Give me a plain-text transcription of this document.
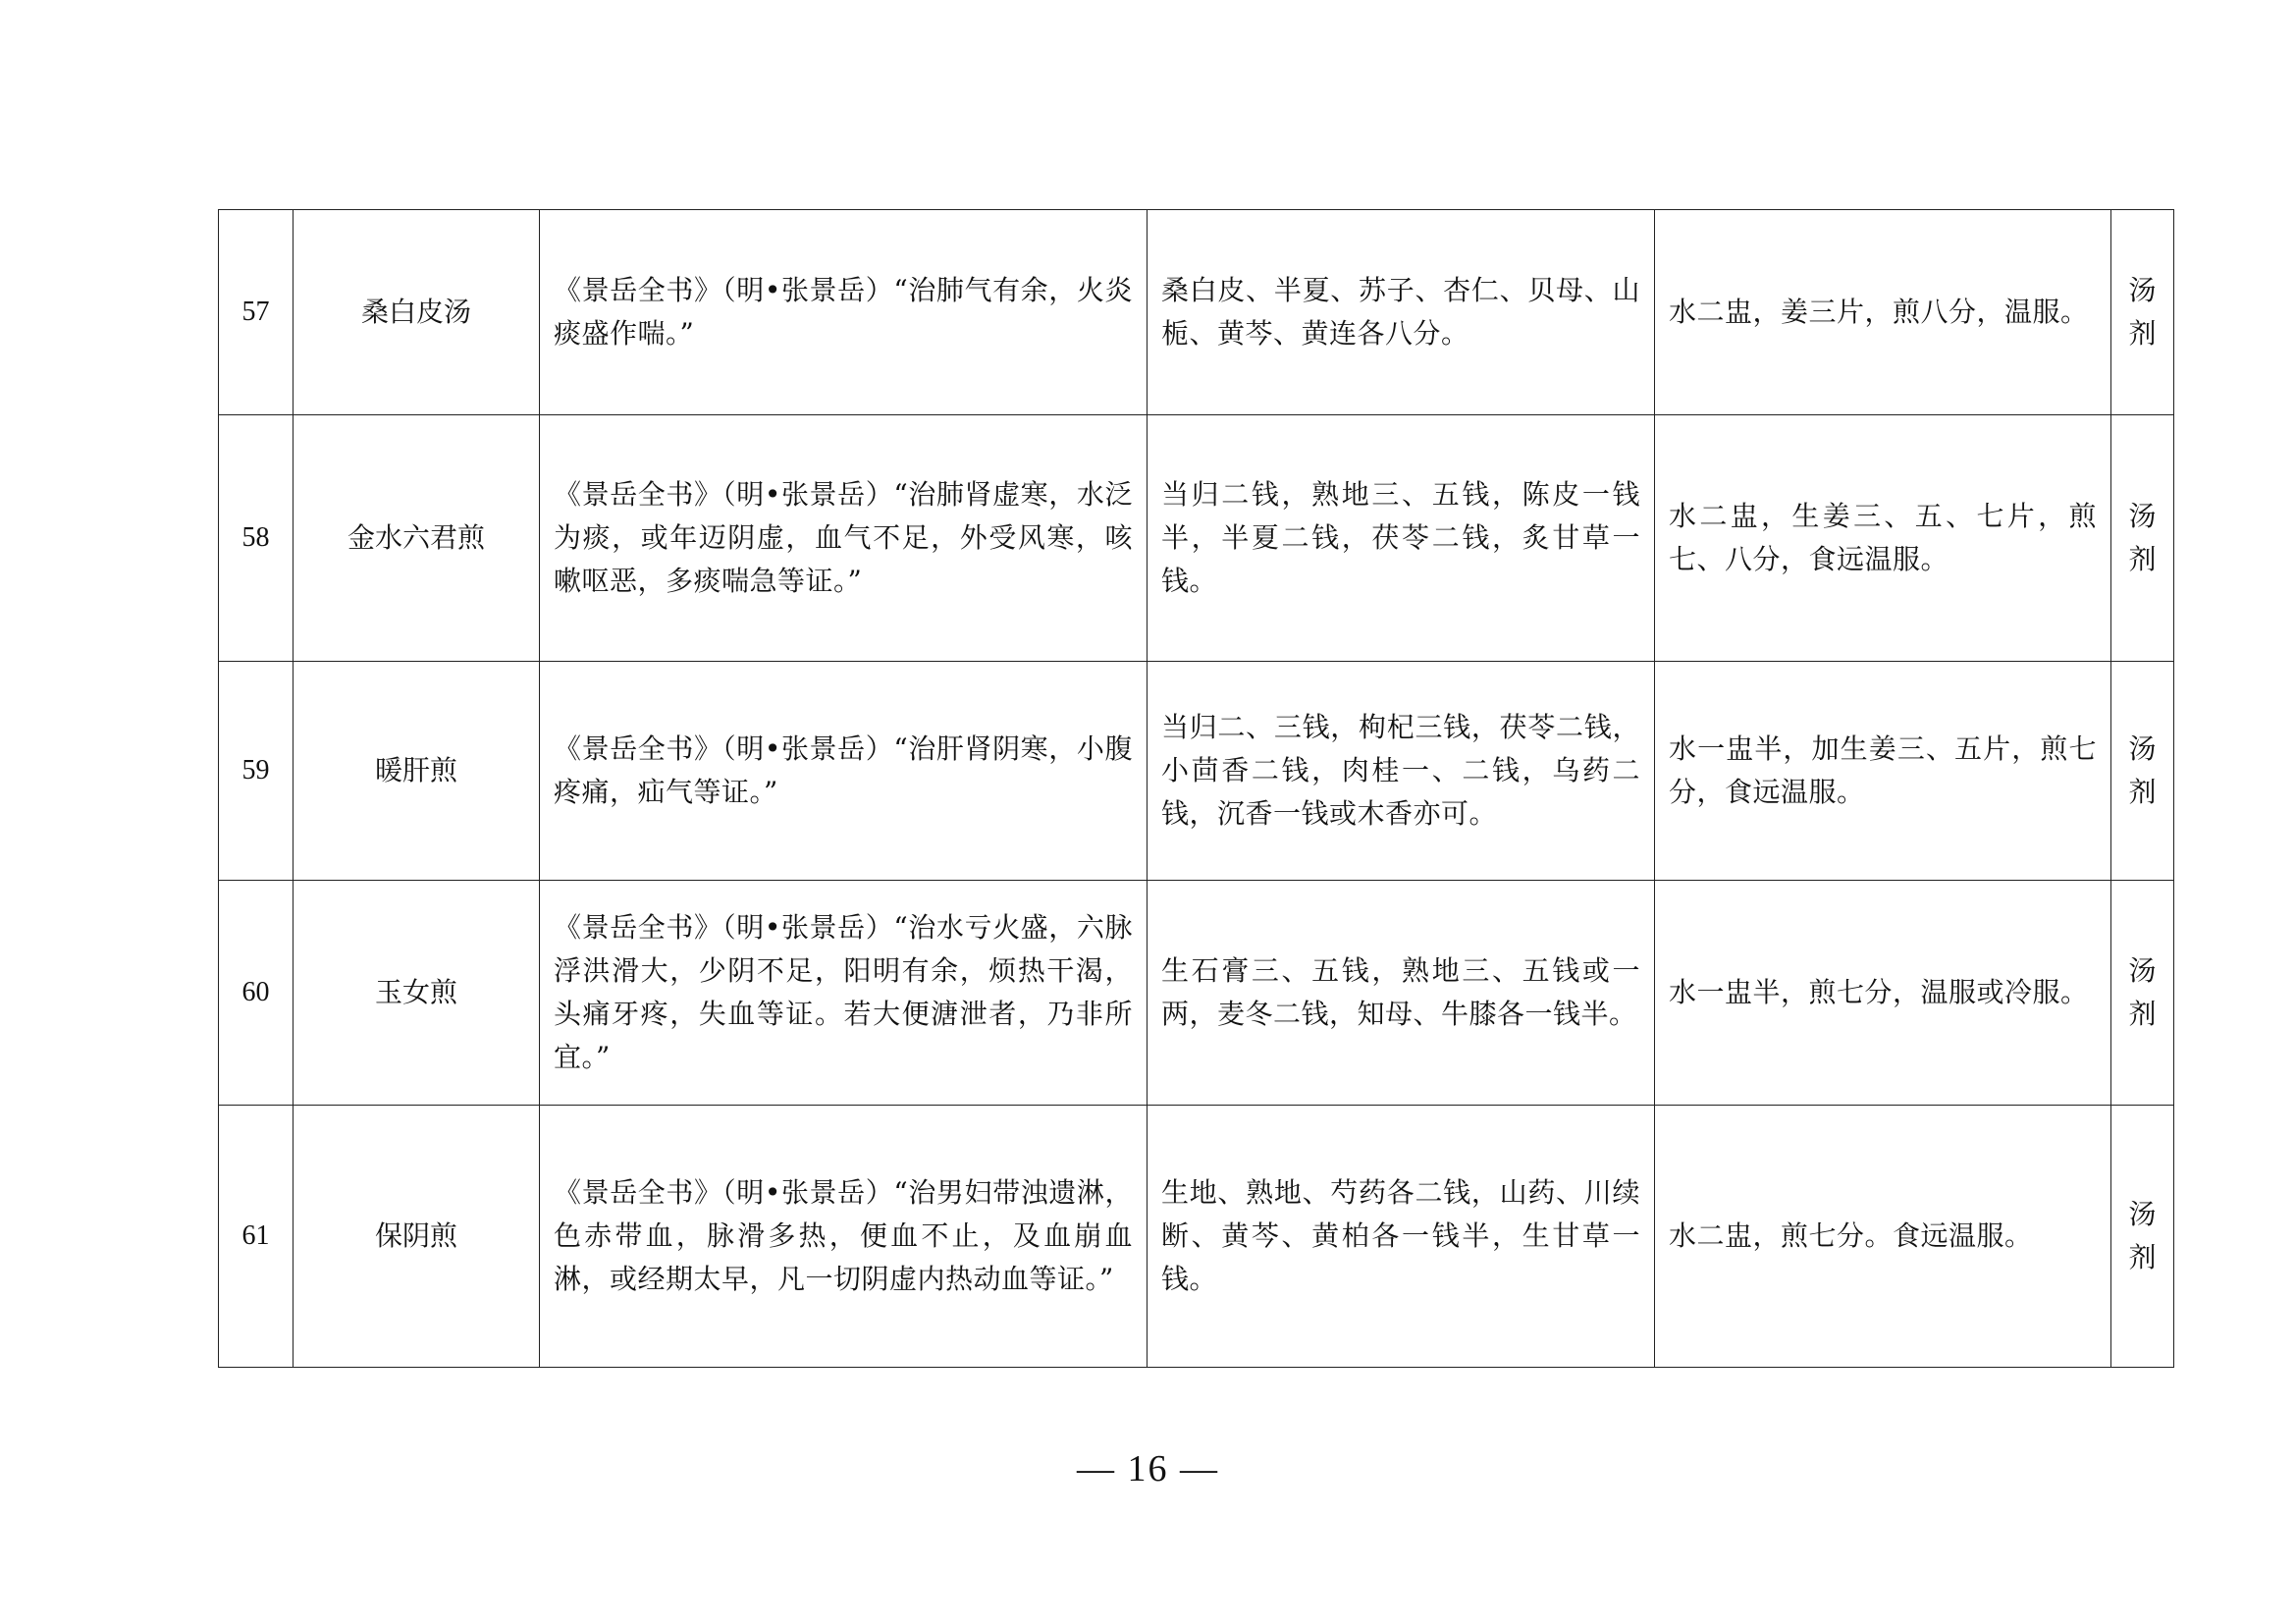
57	桑白皮汤	《景岳全书》（明•张景岳）“治肺气有余，火炎痰盛作喘。”	桑白皮、半夏、苏子、杏仁、贝母、山栀、黄芩、黄连各八分。	水二盅，姜三片，煎八分，温服。	汤剂

58	金水六君煎	《景岳全书》（明•张景岳）“治肺肾虚寒，水泛为痰，或年迈阴虚，血气不足，外受风寒，咳嗽呕恶，多痰喘急等证。”	当归二钱，熟地三、五钱，陈皮一钱半，半夏二钱，茯苓二钱，炙甘草一钱。	水二盅，生姜三、五、七片，煎七、八分，食远温服。	汤剂

59	暖肝煎	《景岳全书》（明•张景岳）“治肝肾阴寒，小腹疼痛，疝气等证。”	当归二、三钱，枸杞三钱，茯苓二钱，小茴香二钱，肉桂一、二钱，乌药二钱，沉香一钱或木香亦可。	水一盅半，加生姜三、五片，煎七分，食远温服。	汤剂

60	玉女煎	《景岳全书》（明•张景岳）“治水亏火盛，六脉浮洪滑大，少阴不足，阳明有余，烦热干渴，头痛牙疼，失血等证。若大便溏泄者，乃非所宜。”	生石膏三、五钱，熟地三、五钱或一两，麦冬二钱，知母、牛膝各一钱半。	水一盅半，煎七分，温服或冷服。	汤剂

61	保阴煎	《景岳全书》（明•张景岳）“治男妇带浊遗淋，色赤带血，脉滑多热，便血不止，及血崩血淋，或经期太早，凡一切阴虚内热动血等证。”	生地、熟地、芍药各二钱，山药、川续断、黄芩、黄柏各一钱半，生甘草一钱。	水二盅，煎七分。食远温服。	汤剂
— 16 —
